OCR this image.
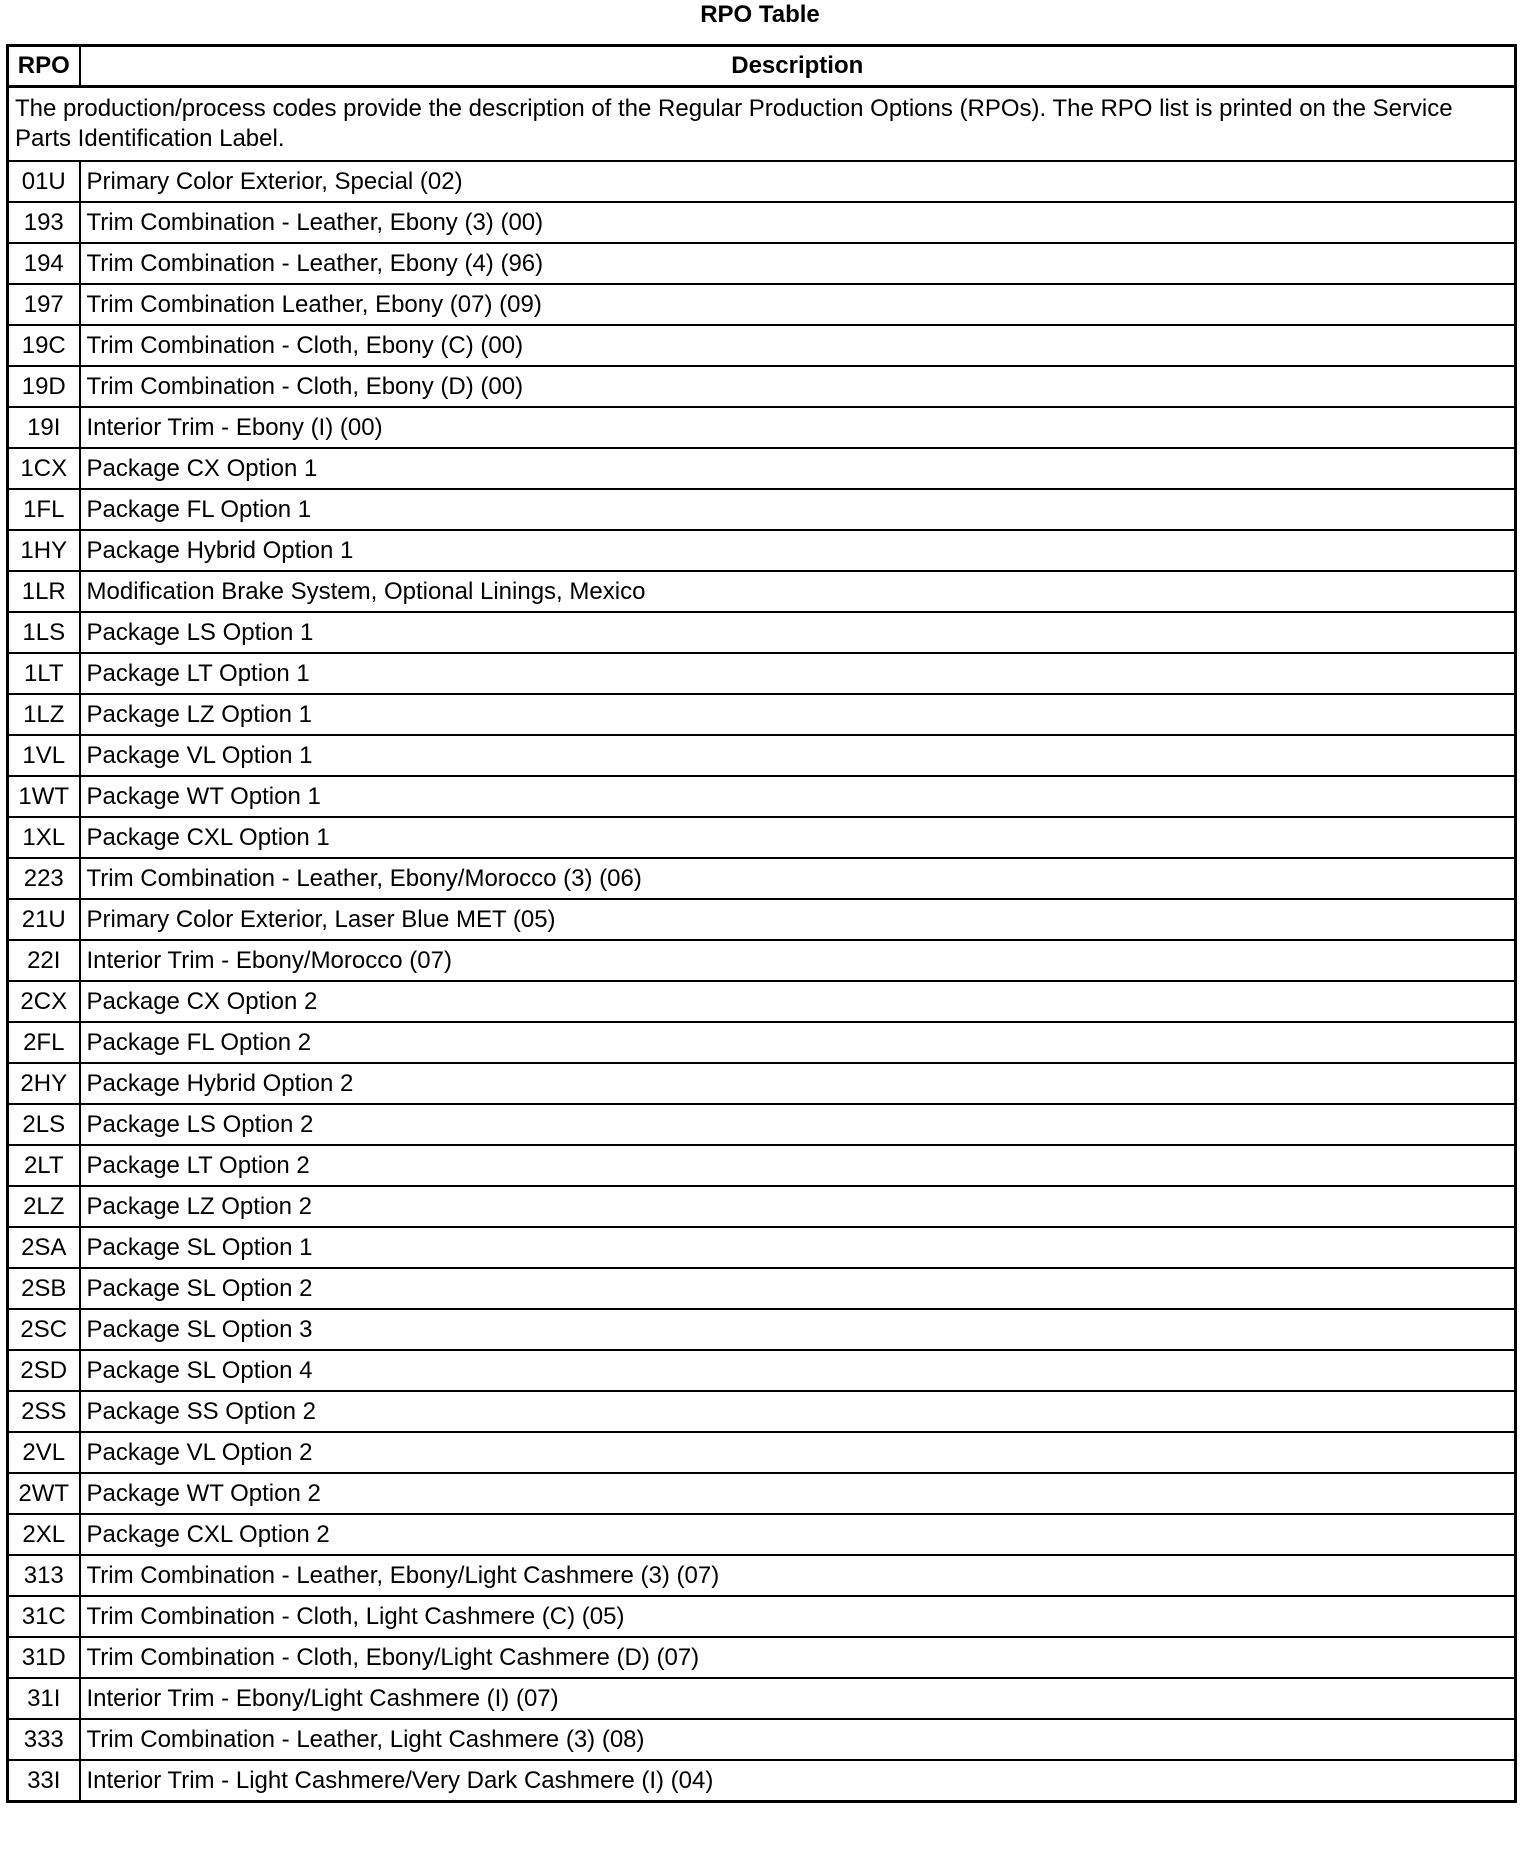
RPO Table
RPO	Description
The production/process codes provide the description of the Regular Production Options (RPOs). The RPO list is printed on the Service Parts Identification Label.	
01U	Primary Color Exterior, Special (02)
193	Trim Combination - Leather, Ebony (3) (00)
194	Trim Combination - Leather, Ebony (4) (96)
197	Trim Combination Leather, Ebony (07) (09)
19C	Trim Combination - Cloth, Ebony (C) (00)
19D	Trim Combination - Cloth, Ebony (D) (00)
19I	Interior Trim - Ebony (I) (00)
1CX	Package CX Option 1
1FL	Package FL Option 1
1HY	Package Hybrid Option 1
1LR	Modification Brake System, Optional Linings, Mexico
1LS	Package LS Option 1
1LT	Package LT Option 1
1LZ	Package LZ Option 1
1VL	Package VL Option 1
1WT	Package WT Option 1
1XL	Package CXL Option 1
223	Trim Combination - Leather, Ebony/Morocco (3) (06)
21U	Primary Color Exterior, Laser Blue MET (05)
22I	Interior Trim - Ebony/Morocco (07)
2CX	Package CX Option 2
2FL	Package FL Option 2
2HY	Package Hybrid Option 2
2LS	Package LS Option 2
2LT	Package LT Option 2
2LZ	Package LZ Option 2
2SA	Package SL Option 1
2SB	Package SL Option 2
2SC	Package SL Option 3
2SD	Package SL Option 4
2SS	Package SS Option 2
2VL	Package VL Option 2
2WT	Package WT Option 2
2XL	Package CXL Option 2
313	Trim Combination - Leather, Ebony/Light Cashmere (3) (07)
31C	Trim Combination - Cloth, Light Cashmere (C) (05)
31D	Trim Combination - Cloth, Ebony/Light Cashmere (D) (07)
31I	Interior Trim - Ebony/Light Cashmere (I) (07)
333	Trim Combination - Leather, Light Cashmere (3) (08)
33I	Interior Trim - Light Cashmere/Very Dark Cashmere (I) (04)
